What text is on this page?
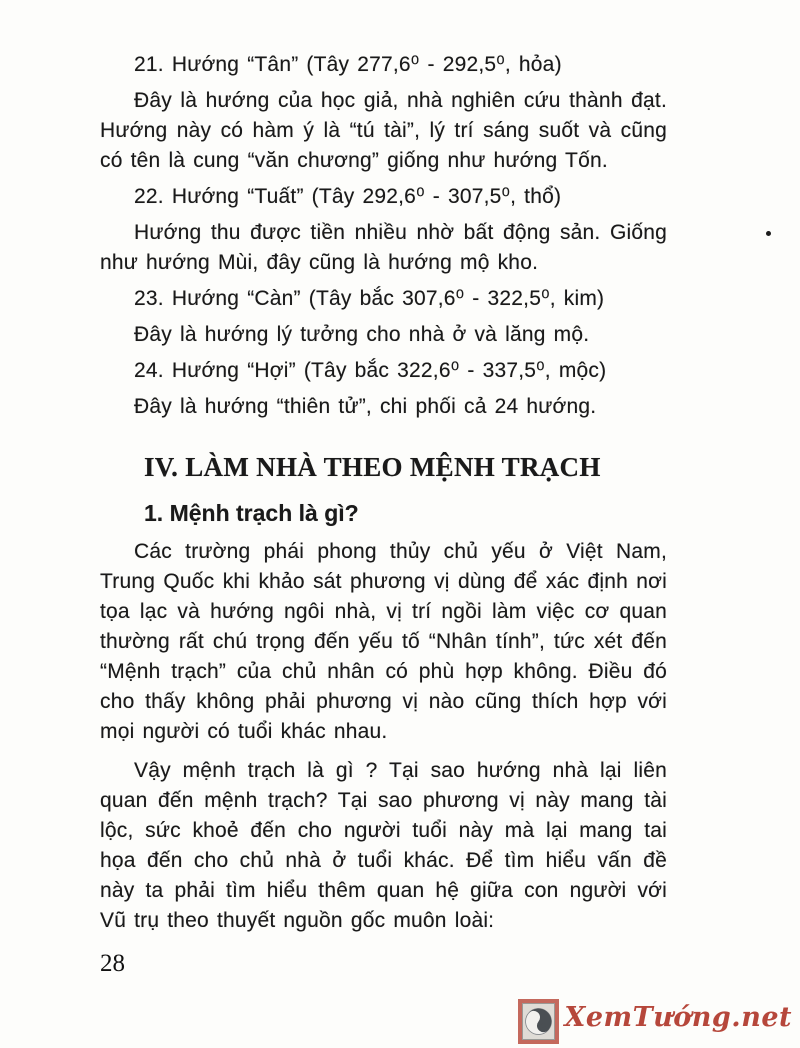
21. Hướng “Tân” (Tây 277,6⁰ - 292,5⁰, hỏa)

Đây là hướng của học giả, nhà nghiên cứu thành đạt. Hướng này có hàm ý là “tú tài”, lý trí sáng suốt và cũng có tên là cung “văn chương” giống như hướng Tốn.

22. Hướng “Tuất” (Tây 292,6⁰ - 307,5⁰, thổ)

Hướng thu được tiền nhiều nhờ bất động sản. Giống như hướng Mùi, đây cũng là hướng mộ kho.

23. Hướng “Càn” (Tây bắc 307,6⁰ - 322,5⁰, kim)

Đây là hướng lý tưởng cho nhà ở và lăng mộ.

24. Hướng “Hợi” (Tây bắc 322,6⁰ - 337,5⁰, mộc)

Đây là hướng “thiên tử”, chi phối cả 24 hướng.

IV. LÀM NHÀ THEO MỆNH TRẠCH
1. Mệnh trạch là gì?

Các trường phái phong thủy chủ yếu ở Việt Nam, Trung Quốc khi khảo sát phương vị dùng để xác định nơi tọa lạc và hướng ngôi nhà, vị trí ngồi làm việc cơ quan thường rất chú trọng đến yếu tố “Nhân tính”, tức xét đến “Mệnh trạch” của chủ nhân có phù hợp không. Điều đó cho thấy không phải phương vị nào cũng thích hợp với mọi người có tuổi khác nhau.

Vậy mệnh trạch là gì ? Tại sao hướng nhà lại liên quan đến mệnh trạch? Tại sao phương vị này mang tài lộc, sức khoẻ đến cho người tuổi này mà lại mang tai họa đến cho chủ nhà ở tuổi khác. Để tìm hiểu vấn đề này ta phải tìm hiểu thêm quan hệ giữa con người với Vũ trụ theo thuyết nguồn gốc muôn loài:

28
XemTướng.net
